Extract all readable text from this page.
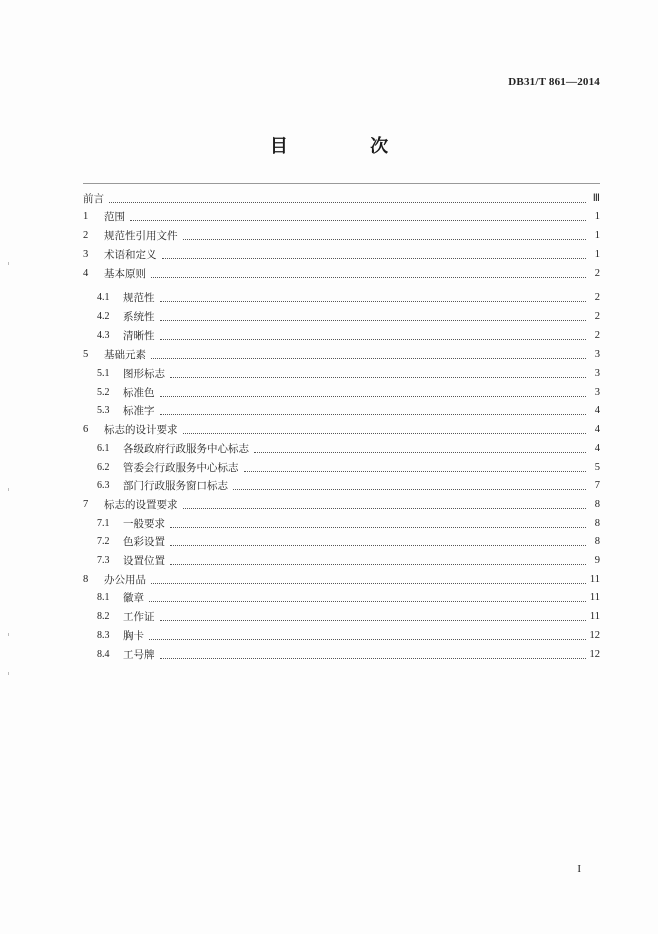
DB31/T 861—2014
目 次
前言	Ⅲ
1	范围	1
2	规范性引用文件	1
3	术语和定义	1
4	基本原则	2
4.1	规范性	2
4.2	系统性	2
4.3	清晰性	2
5	基础元素	3
5.1	图形标志	3
5.2	标准色	3
5.3	标准字	4
6	标志的设计要求	4
6.1	各级政府行政服务中心标志	4
6.2	管委会行政服务中心标志	5
6.3	部门行政服务窗口标志	7
7	标志的设置要求	8
7.1	一般要求	8
7.2	色彩设置	8
7.3	设置位置	9
8	办公用品	11
8.1	徽章	11
8.2	工作证	11
8.3	胸卡	12
8.4	工号牌	12
I
